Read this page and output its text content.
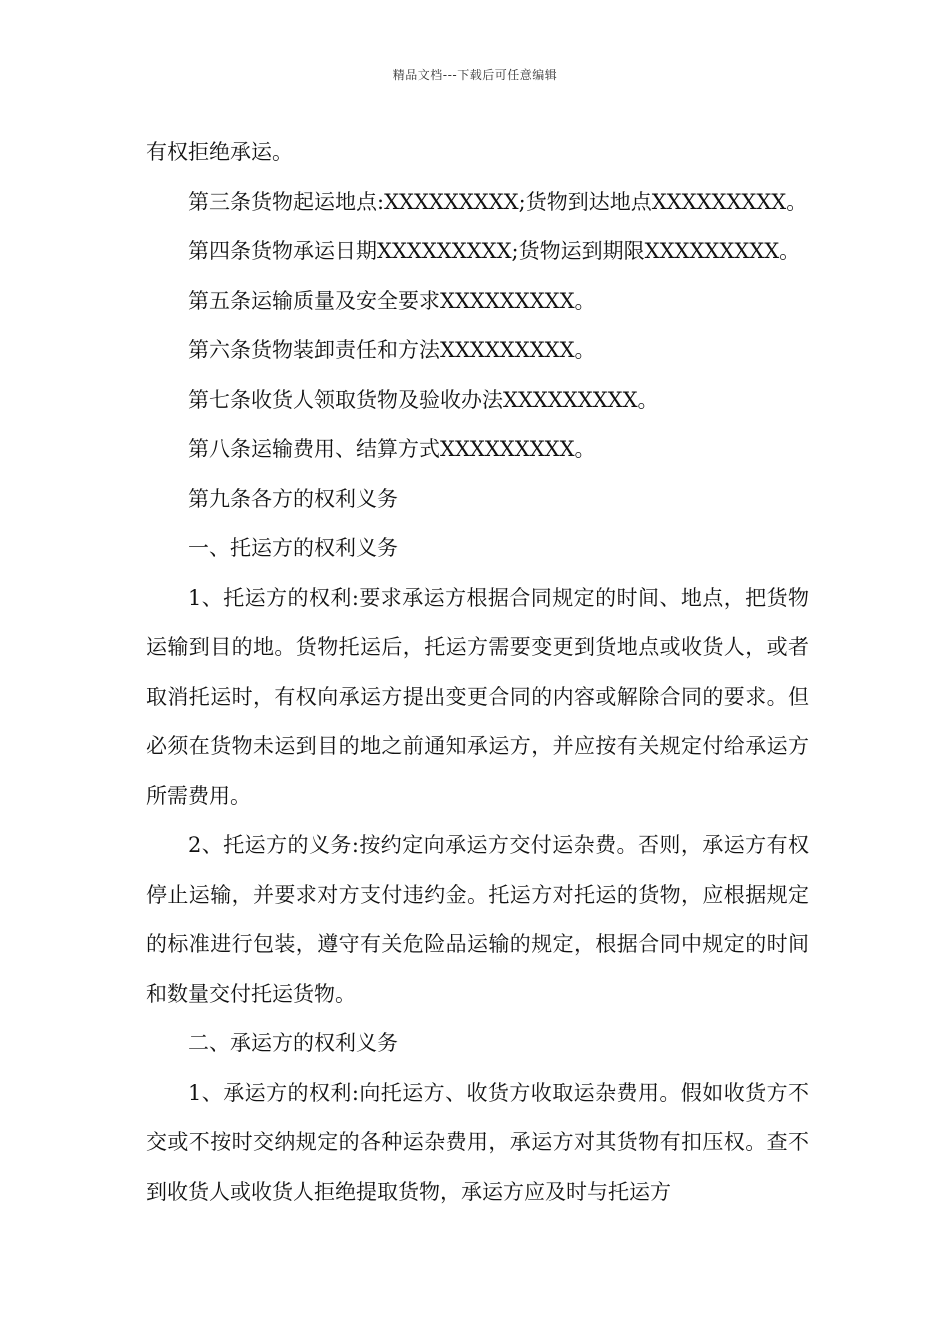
精品文档---下载后可任意编辑

有权拒绝承运。

第三条货物起运地点:XXXXXXXXX;货物到达地点XXXXXXXXX。

第四条货物承运日期XXXXXXXXX;货物运到期限XXXXXXXXX。

第五条运输质量及安全要求XXXXXXXXX。

第六条货物装卸责任和方法XXXXXXXXX。

第七条收货人领取货物及验收办法XXXXXXXXX。

第八条运输费用、结算方式XXXXXXXXX。

第九条各方的权利义务

一、托运方的权利义务

1、托运方的权利:要求承运方根据合同规定的时间、地点，把货物运输到目的地。货物托运后，托运方需要变更到货地点或收货人，或者取消托运时，有权向承运方提出变更合同的内容或解除合同的要求。但必须在货物未运到目的地之前通知承运方，并应按有关规定付给承运方所需费用。

2、托运方的义务:按约定向承运方交付运杂费。否则，承运方有权停止运输，并要求对方支付违约金。托运方对托运的货物，应根据规定的标准进行包装，遵守有关危险品运输的规定，根据合同中规定的时间和数量交付托运货物。

二、承运方的权利义务

1、承运方的权利:向托运方、收货方收取运杂费用。假如收货方不交或不按时交纳规定的各种运杂费用，承运方对其货物有扣压权。查不到收货人或收货人拒绝提取货物，承运方应及时与托运方
